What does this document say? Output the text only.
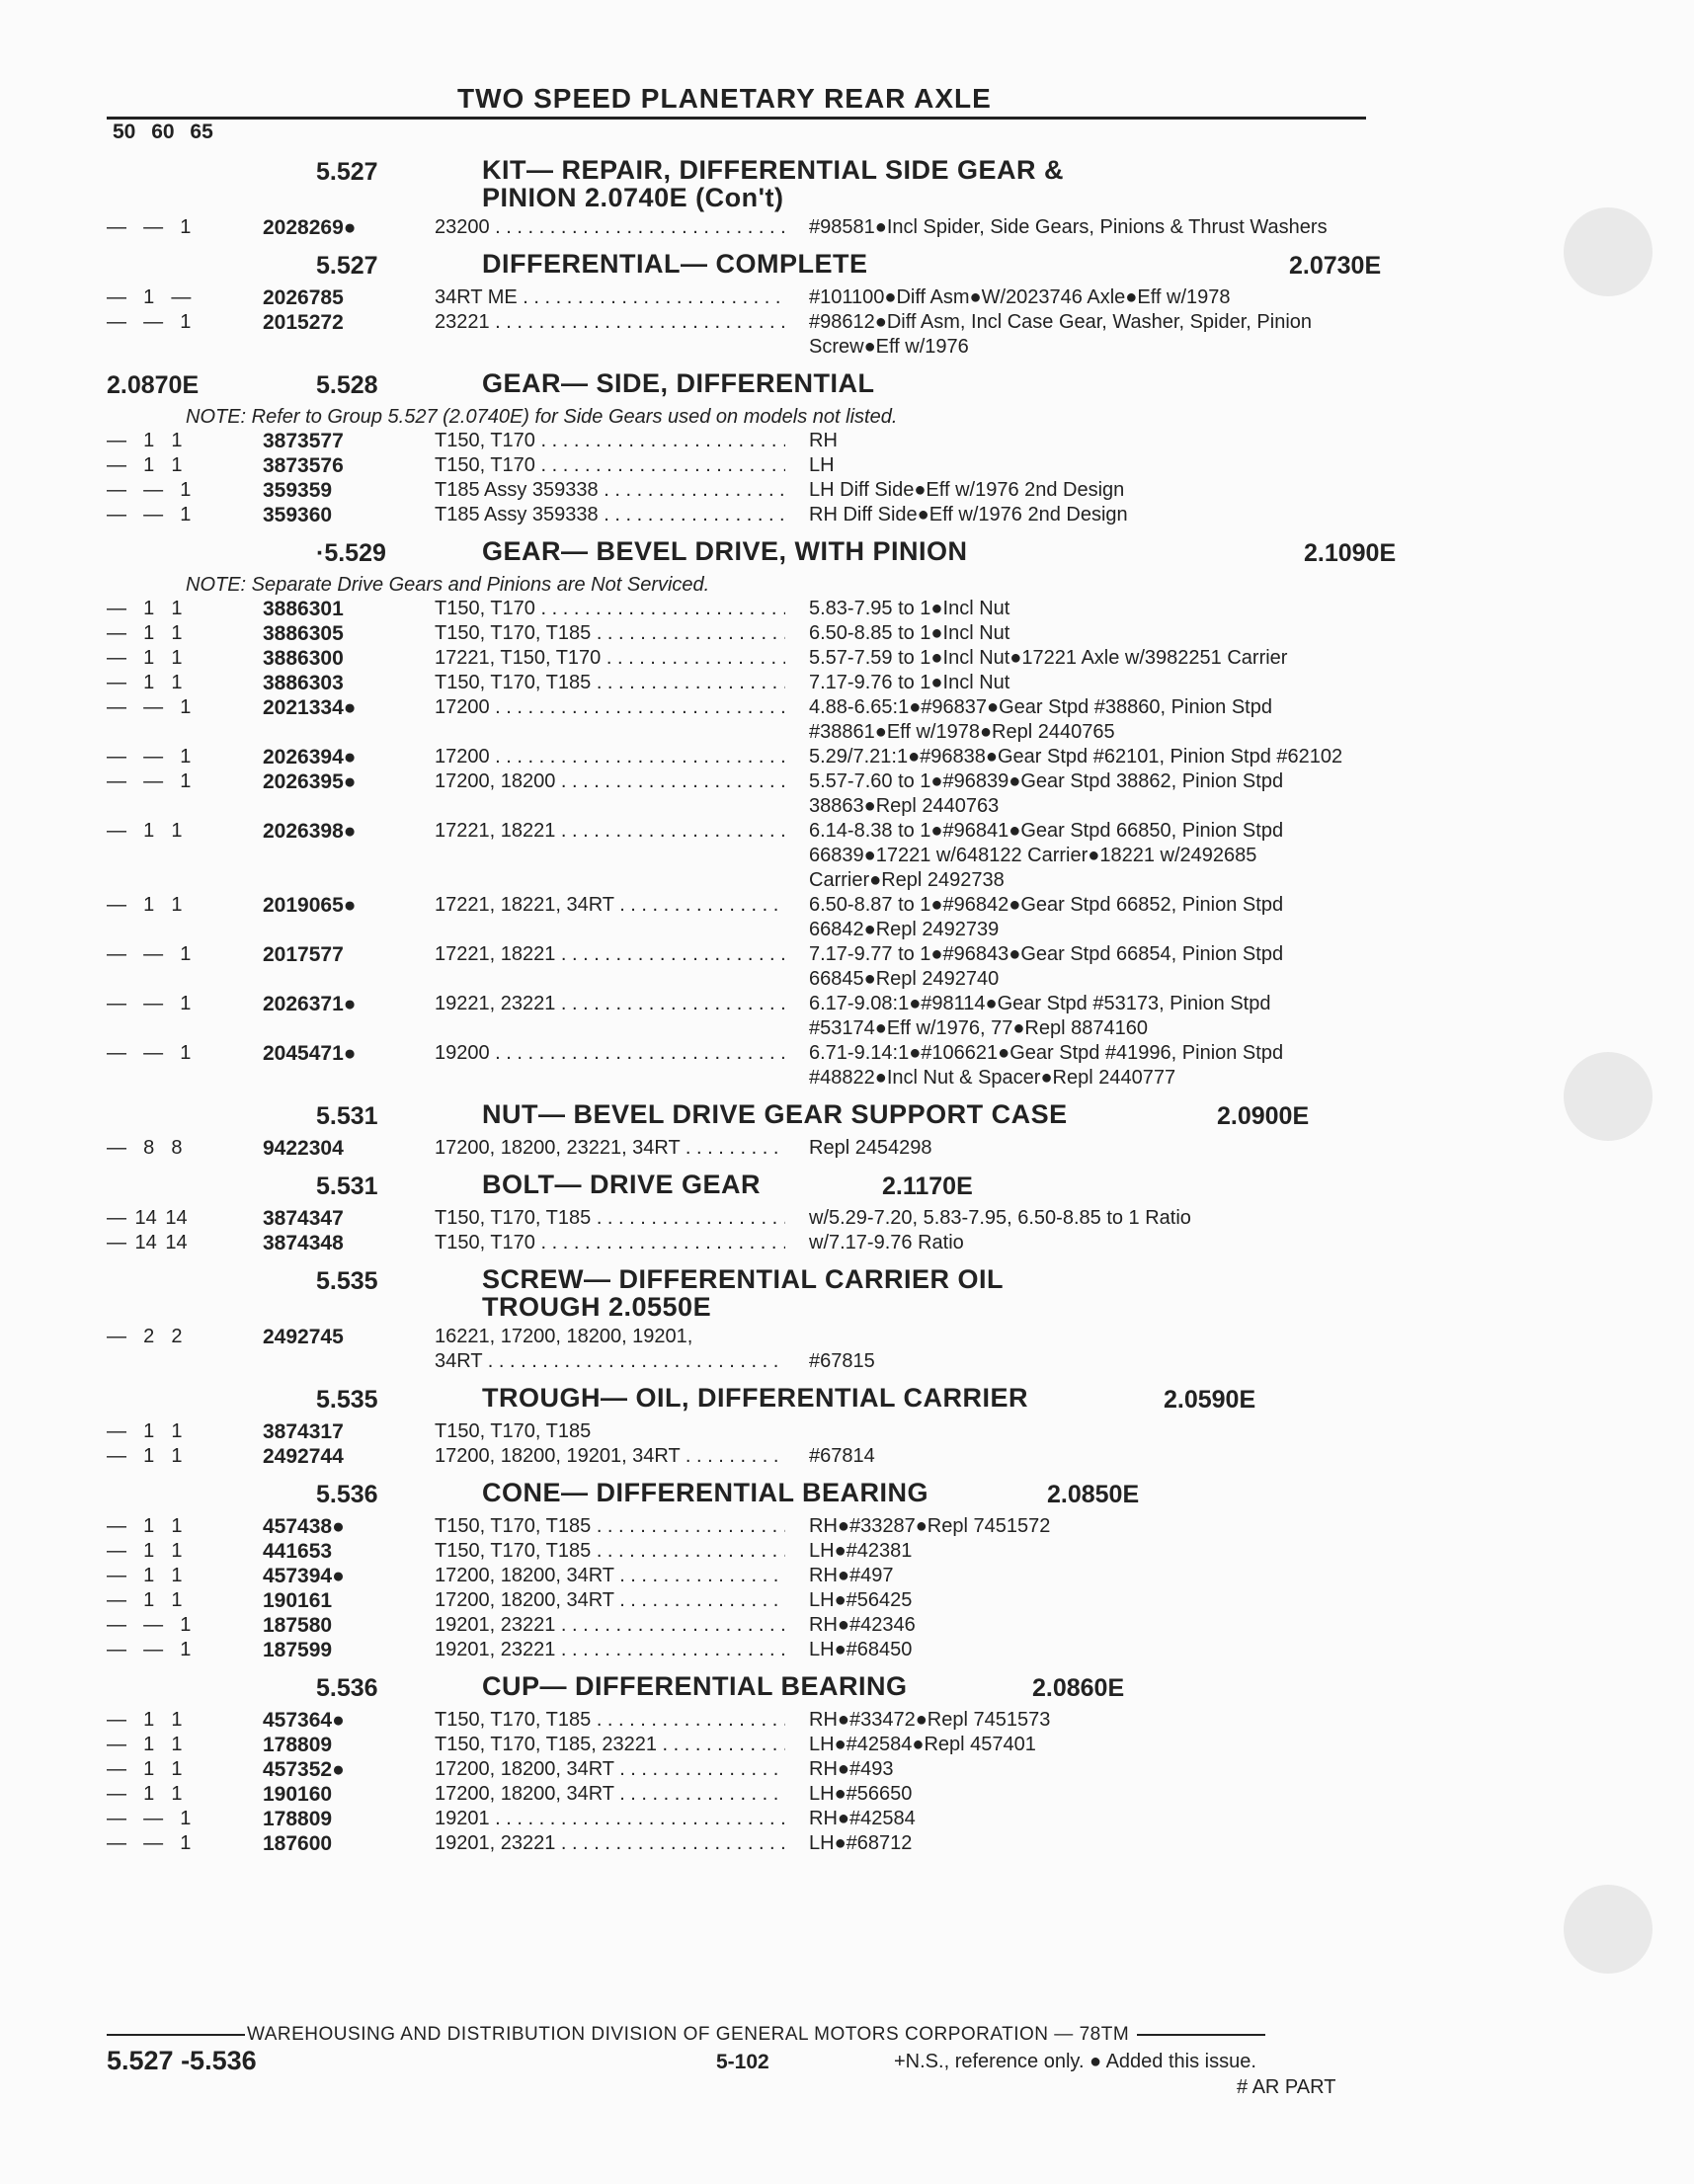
TWO SPEED PLANETARY REAR AXLE
50 60 65
5.527	KIT— REPAIR, DIFFERENTIAL SIDE GEAR &
PINION 2.0740E (Con't)
—  —  1	2028269●	23200 . . .	#98581●Incl Spider, Side Gears, Pinions & Thrust Washers
5.527	DIFFERENTIAL— COMPLETE	2.0730E
—  1  —	2026785	34RT ME . . .	#101100●Diff Asm●W/2023746 Axle●Eff w/1978
—  —  1	2015272	23221 . . .	#98612●Diff Asm, Incl Case Gear, Washer, Spider, Pinion Screw●Eff w/1976
5.528	GEAR— SIDE, DIFFERENTIAL
2.0870E
NOTE: Refer to Group 5.527 (2.0740E) for Side Gears used on models not listed.
—  1  1	3873577	T150, T170 . . .	RH
—  1  1	3873576	T150, T170 . . .	LH
—  —  1	359359	T185 Assy 359338 . . .	LH Diff Side●Eff w/1976 2nd Design
—  —  1	359360	T185 Assy 359338 . . .	RH Diff Side●Eff w/1976 2nd Design
·5.529	GEAR— BEVEL DRIVE, WITH PINION	2.1090E
NOTE: Separate Drive Gears and Pinions are Not Serviced.
—  1  1	3886301	T150, T170 . . .	5.83-7.95 to 1●Incl Nut
—  1  1	3886305	T150, T170, T185 . . .	6.50-8.85 to 1●Incl Nut
—  1  1	3886300	17221, T150, T170 . . .	5.57-7.59 to 1●Incl Nut●17221 Axle w/3982251 Carrier
—  1  1	3886303	T150, T170, T185 . . .	7.17-9.76 to 1●Incl Nut
—  —  1	2021334●	17200 . . .	4.88-6.65:1●#96837●Gear Stpd #38860, Pinion Stpd #38861●Eff w/1978●Repl 2440765
—  —  1	2026394●	17200 . . .	5.29/7.21:1●#96838●Gear Stpd #62101, Pinion Stpd #62102
—  —  1	2026395●	17200, 18200 . . .	5.57-7.60 to 1●#96839●Gear Stpd 38862, Pinion Stpd 38863●Repl 2440763
—  1  1	2026398●	17221, 18221 . . .	6.14-8.38 to 1●#96841●Gear Stpd 66850, Pinion Stpd 66839●17221 w/648122 Carrier●18221 w/2492685 Carrier●Repl 2492738
—  1  1	2019065●	17221, 18221, 34RT . . .	6.50-8.87 to 1●#96842●Gear Stpd 66852, Pinion Stpd 66842●Repl 2492739
—  —  1	2017577	17221, 18221 . . .	7.17-9.77 to 1●#96843●Gear Stpd 66854, Pinion Stpd 66845●Repl 2492740
—  —  1	2026371●	19221, 23221 . . .	6.17-9.08:1●#98114●Gear Stpd #53173, Pinion Stpd #53174●Eff w/1976, 77●Repl 8874160
—  —  1	2045471●	19200 . . .	6.71-9.14:1●#106621●Gear Stpd #41996, Pinion Stpd #48822●Incl Nut & Spacer●Repl 2440777
5.531	NUT— BEVEL DRIVE GEAR SUPPORT CASE	2.0900E
—  8  8	9422304	17200, 18200, 23221, 34RT . . .	Repl 2454298
5.531	BOLT— DRIVE GEAR	2.1170E
— 14 14	3874347	T150, T170, T185 . . .	w/5.29-7.20, 5.83-7.95, 6.50-8.85 to 1 Ratio
— 14 14	3874348	T150, T170 . . .	w/7.17-9.76 Ratio
5.535	SCREW— DIFFERENTIAL CARRIER OIL
TROUGH 2.0550E
—  2  2	2492745	16221, 17200, 18200, 19201,
34RT . . .	#67815
5.535	TROUGH— OIL, DIFFERENTIAL CARRIER	2.0590E
—  1  1	3874317	T150, T170, T185
—  1  1	2492744	17200, 18200, 19201, 34RT . . .	#67814
5.536	CONE— DIFFERENTIAL BEARING	2.0850E
—  1  1	457438●	T150, T170, T185 . . .	RH●#33287●Repl 7451572
—  1  1	441653	T150, T170, T185 . . .	LH●#42381
—  1  1	457394●	17200, 18200, 34RT . . .	RH●#497
—  1  1	190161	17200, 18200, 34RT . . .	LH●#56425
—  —  1	187580	19201, 23221 . . .	RH●#42346
—  —  1	187599	19201, 23221 . . .	LH●#68450
5.536	CUP— DIFFERENTIAL BEARING	2.0860E
—  1  1	457364●	T150, T170, T185 . . .	RH●#33472●Repl 7451573
—  1  1	178809	T150, T170, T185, 23221 . . .	LH●#42584●Repl 457401
—  1  1	457352●	17200, 18200, 34RT . . .	RH●#493
—  1  1	190160	17200, 18200, 34RT . . .	LH●#56650
—  —  1	178809	19201 . . .	RH●#42584
—  —  1	187600	19201, 23221 . . .	LH●#68712
WAREHOUSING AND DISTRIBUTION DIVISION OF GENERAL MOTORS CORPORATION — 78TM
5.527 -5.536	5-102	+N.S., reference only. ● Added this issue.
# AR PART
